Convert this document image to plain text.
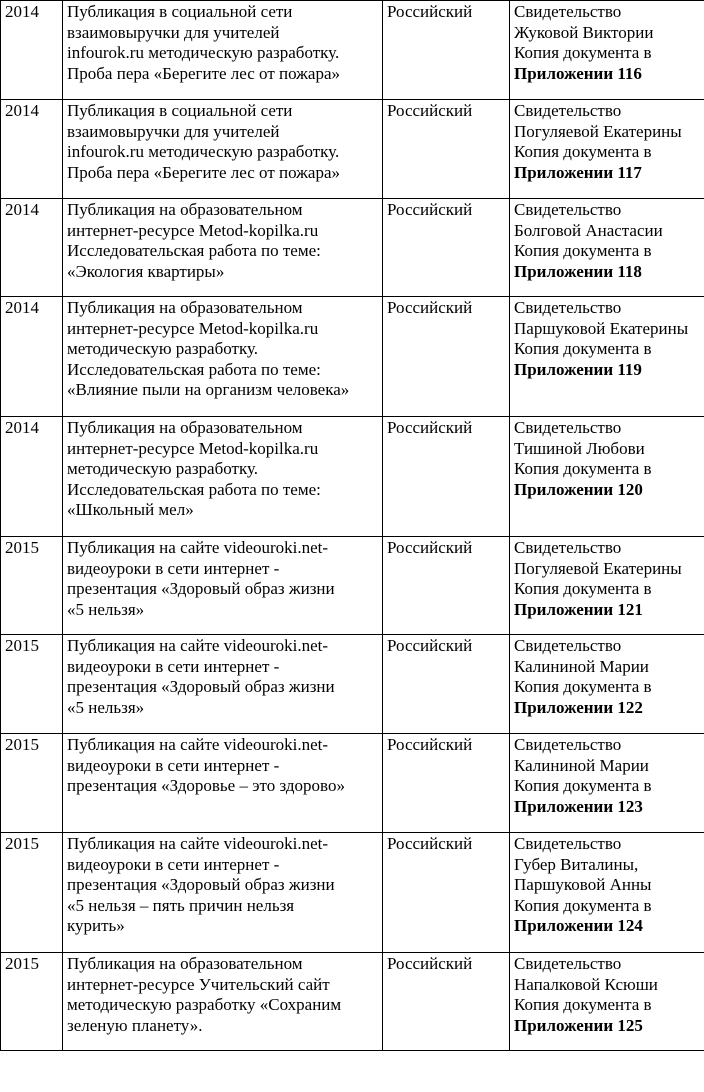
2014	Публикация в социальной сети
взаимовыручки для учителей
infourok.ru методическую разработку.
Проба пера «Берегите лес от пожара»	Российский	Свидетельство
Жуковой Виктории
Копия документа в
Приложении 116
2014	Публикация в социальной сети
взаимовыручки для учителей
infourok.ru методическую разработку.
Проба пера «Берегите лес от пожара»	Российский	Свидетельство
Погуляевой Екатерины
Копия документа в
Приложении 117
2014	Публикация на образовательном
интернет-ресурсе Metod-kopilka.ru
Исследовательская работа по теме:
«Экология квартиры»	Российский	Свидетельство
Болговой Анастасии
Копия документа в
Приложении 118
2014	Публикация на образовательном
интернет-ресурсе Metod-kopilka.ru
методическую разработку.
Исследовательская работа по теме:
«Влияние пыли на организм человека»	Российский	Свидетельство
Паршуковой Екатерины
Копия документа в
Приложении 119
2014	Публикация на образовательном
интернет-ресурсе Metod-kopilka.ru
методическую разработку.
Исследовательская работа по теме:
«Школьный мел»	Российский	Свидетельство
Тишиной Любови
Копия документа в
Приложении 120
2015	Публикация на сайте videouroki.net-
видеоуроки в сети интернет -
презентация «Здоровый образ жизни
«5 нельзя»	Российский	Свидетельство
Погуляевой Екатерины
Копия документа в
Приложении 121
2015	Публикация на сайте videouroki.net-
видеоуроки в сети интернет -
презентация «Здоровый образ жизни
«5 нельзя»	Российский	Свидетельство
Калининой Марии
Копия документа в
Приложении 122
2015	Публикация на сайте videouroki.net-
видеоуроки в сети интернет -
презентация «Здоровье – это здорово»	Российский	Свидетельство
Калининой Марии
Копия документа в
Приложении 123
2015	Публикация на сайте videouroki.net-
видеоуроки в сети интернет -
презентация «Здоровый образ жизни
«5 нельзя – пять причин нельзя
курить»	Российский	Свидетельство
Губер Виталины,
Паршуковой Анны
Копия документа в
Приложении 124
2015	Публикация на образовательном
интернет-ресурсе Учительский сайт
методическую разработку «Сохраним
зеленую планету».	Российский	Свидетельство
Напалковой Ксюши
Копия документа в
Приложении 125
